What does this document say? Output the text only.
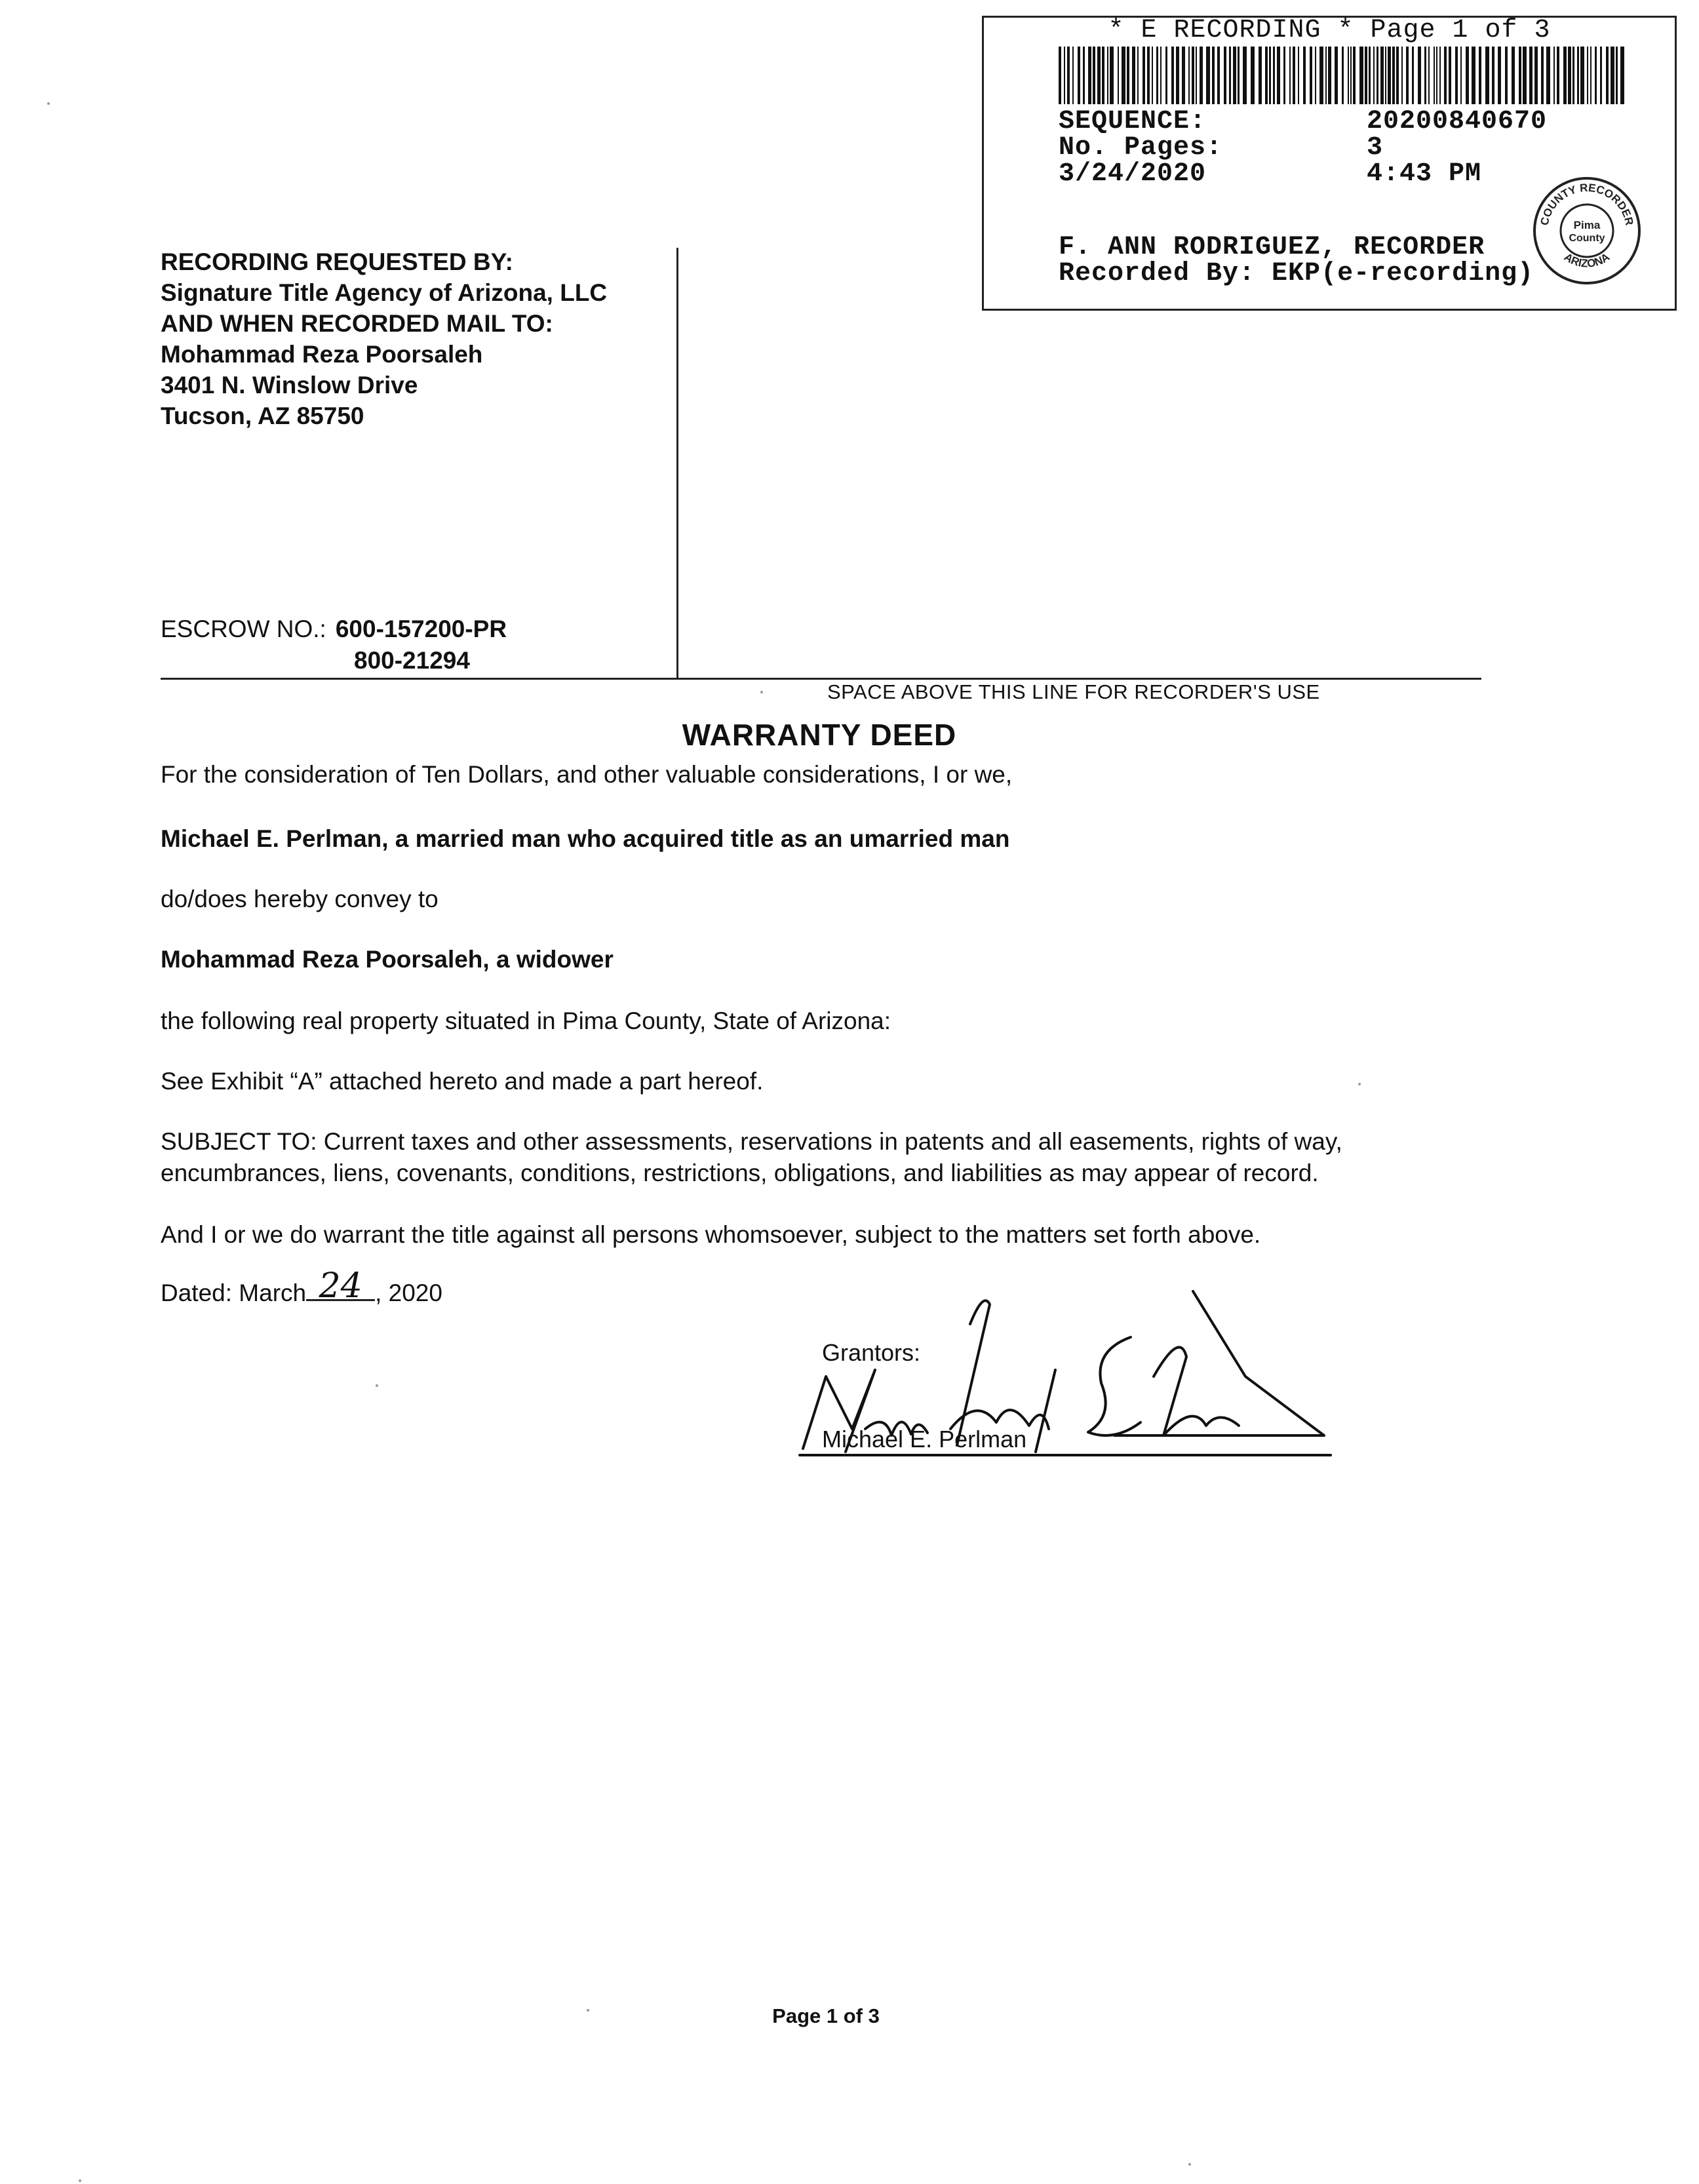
* E RECORDING * Page 1 of 3
SEQUENCE:	20200840670
No. Pages:	3
3/24/2020	4:43 PM
F. ANN RODRIGUEZ, RECORDER
Recorded By: EKP(e-recording)
COUNTY RECORDER
ARIZONA
Pima
County
RECORDING REQUESTED BY:
Signature Title Agency of Arizona, LLC
AND WHEN RECORDED MAIL TO:
Mohammad Reza Poorsaleh
3401 N. Winslow Drive
Tucson, AZ 85750
ESCROW NO.: 600-157200-PR
800-21294
SPACE ABOVE THIS LINE FOR RECORDER'S USE
WARRANTY DEED
For the consideration of Ten Dollars, and other valuable considerations, I or we,
Michael E. Perlman, a married man who acquired title as an umarried man
do/does hereby convey to
Mohammad Reza Poorsaleh, a widower
the following real property situated in Pima County, State of Arizona:
See Exhibit “A” attached hereto and made a part hereof.
SUBJECT TO: Current taxes and other assessments, reservations in patents and all easements, rights of way,
encumbrances, liens, covenants, conditions, restrictions, obligations, and liabilities as may appear of record.
And I or we do warrant the title against all persons whomsoever, subject to the matters set forth above.
Dated: March 24 , 2020
Grantors:
Michael E. Perlman
Page 1 of 3
